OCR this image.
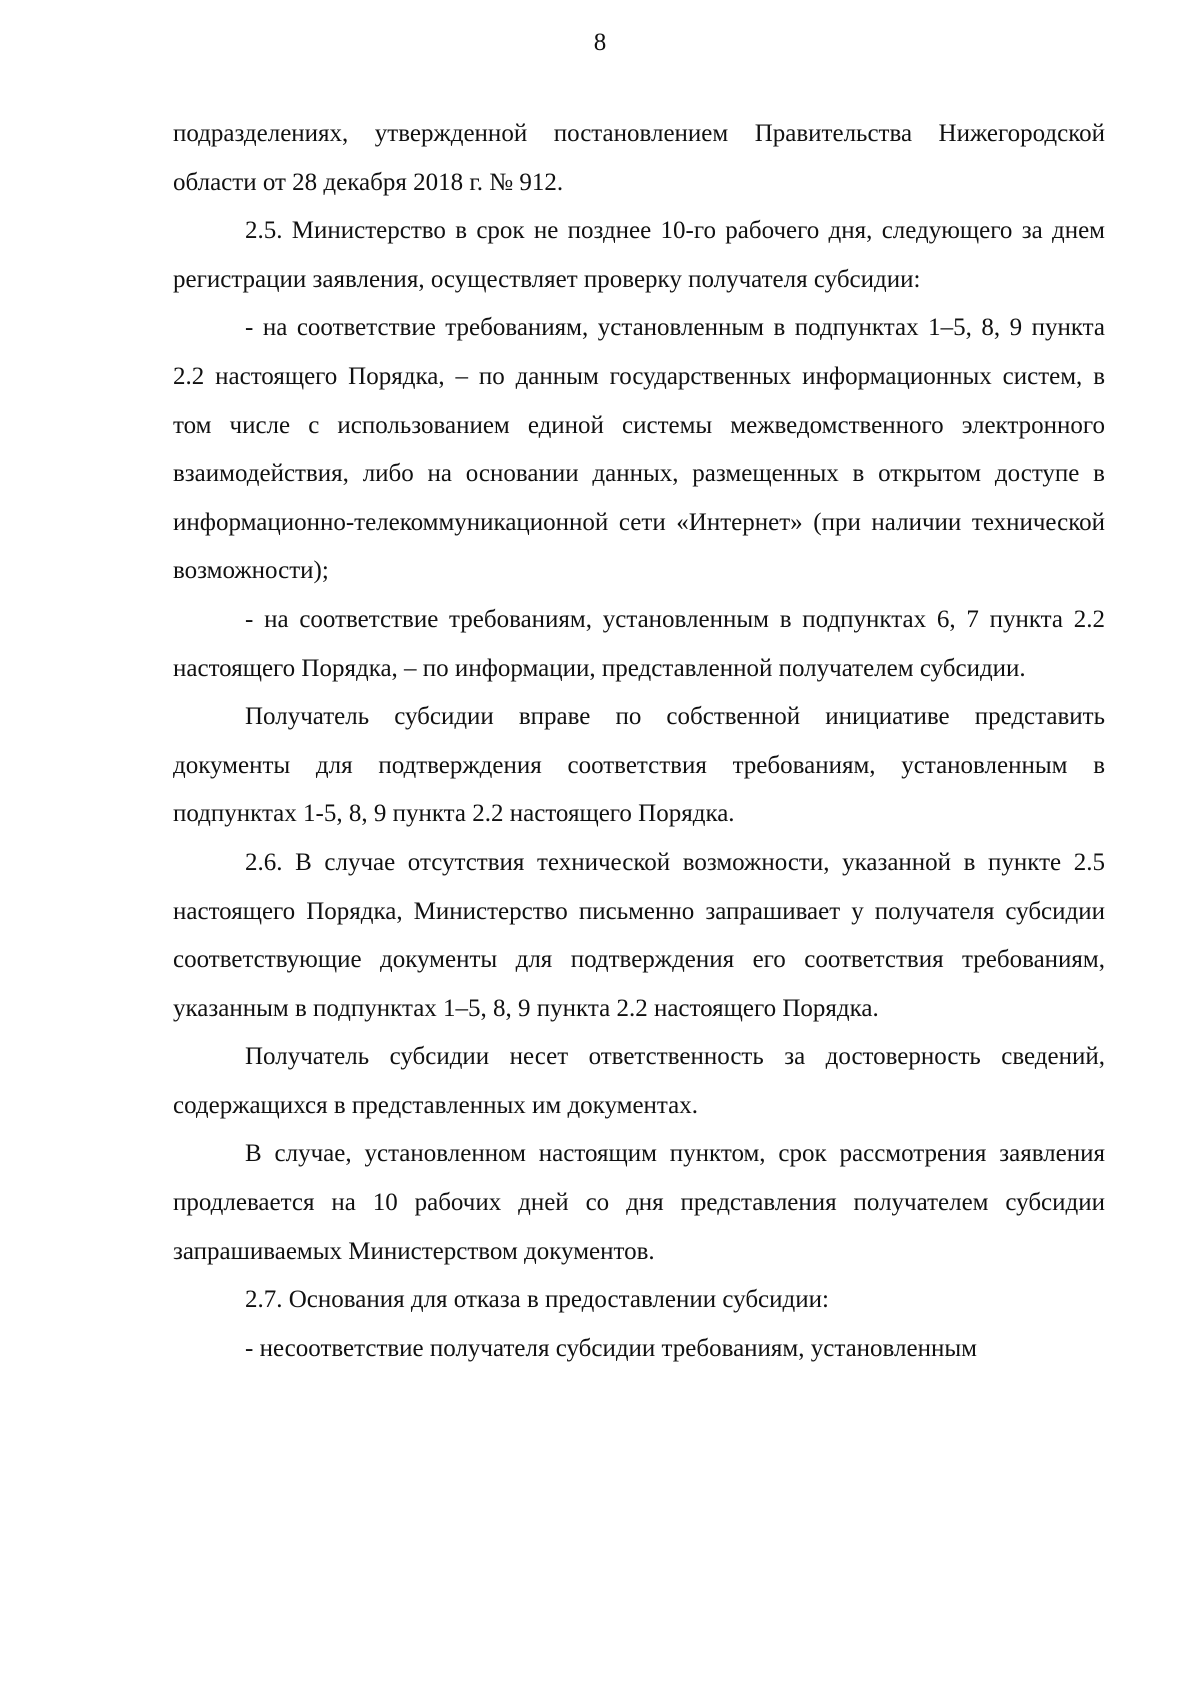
8

подразделениях, утвержденной постановлением Правительства Нижегородской области от 28 декабря 2018 г. № 912.

2.5. Министерство в срок не позднее 10-го рабочего дня, следующего за днем регистрации заявления, осуществляет проверку получателя субсидии:

- на соответствие требованиям, установленным в подпунктах 1–5, 8, 9 пункта 2.2 настоящего Порядка, – по данным государственных информационных систем, в том числе с использованием единой системы межведомственного электронного взаимодействия, либо на основании данных, размещенных в открытом доступе в информационно-телекоммуникационной сети «Интернет» (при наличии технической возможности);

- на соответствие требованиям, установленным в подпунктах 6, 7 пункта 2.2 настоящего Порядка, – по информации, представленной получателем субсидии.

Получатель субсидии вправе по собственной инициативе представить документы для подтверждения соответствия требованиям, установленным в подпунктах 1-5, 8, 9 пункта 2.2 настоящего Порядка.

2.6. В случае отсутствия технической возможности, указанной в пункте 2.5 настоящего Порядка, Министерство письменно запрашивает у получателя субсидии соответствующие документы для подтверждения его соответствия требованиям, указанным в подпунктах 1–5, 8, 9 пункта 2.2 настоящего Порядка.

Получатель субсидии несет ответственность за достоверность сведений, содержащихся в представленных им документах.

В случае, установленном настоящим пунктом, срок рассмотрения заявления продлевается на 10 рабочих дней со дня представления получателем субсидии запрашиваемых Министерством документов.

2.7. Основания для отказа в предоставлении субсидии:

- несоответствие получателя субсидии требованиям, установленным
